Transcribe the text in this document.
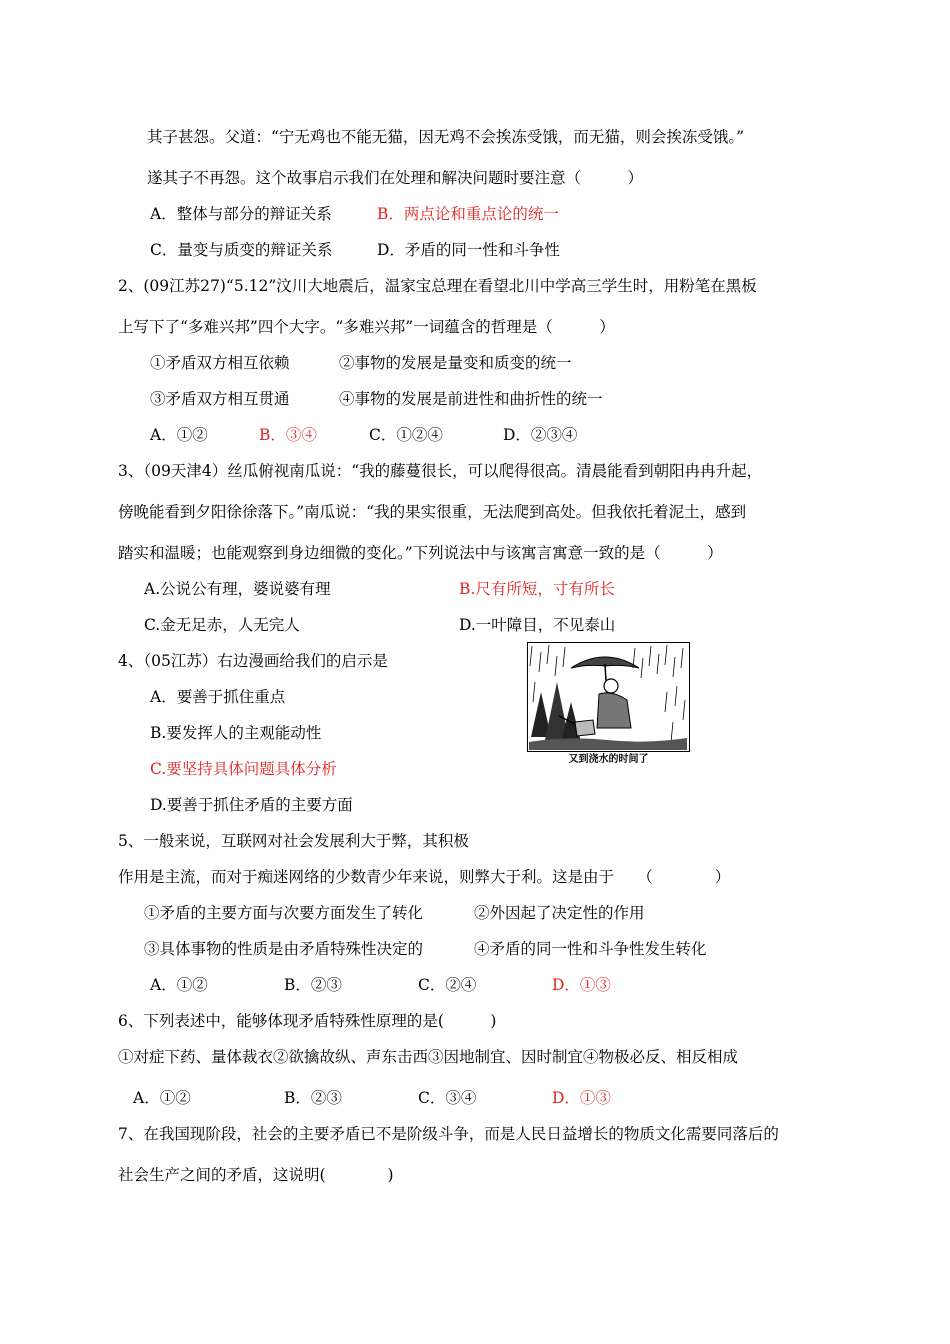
其子甚怨。父道：“宁无鸡也不能无猫，因无鸡不会挨冻受饿，而无猫，则会挨冻受饿。”
遂其子不再怨。这个故事启示我们在处理和解决问题时要注意（　　　）
A．整体与部分的辩证关系	B．两点论和重点论的统一
C．量变与质变的辩证关系	D．矛盾的同一性和斗争性
2、(09江苏27)“5.12”汶川大地震后，温家宝总理在看望北川中学高三学生时，用粉笔在黑板
上写下了“多难兴邦”四个大字。“多难兴邦”一词蕴含的哲理是（　　　）
①矛盾双方相互依赖	②事物的发展是量变和质变的统一
③矛盾双方相互贯通	④事物的发展是前进性和曲折性的统一
A．①②	B．③④	C．①②④	D．②③④
3、（09天津4）丝瓜俯视南瓜说：“我的藤蔓很长，可以爬得很高。清晨能看到朝阳冉冉升起，
傍晚能看到夕阳徐徐落下。”南瓜说：“我的果实很重，无法爬到高处。但我依托着泥土，感到
踏实和温暖；也能观察到身边细微的变化。”下列说法中与该寓言寓意一致的是（　　　）
A.公说公有理，婆说婆有理	B.尺有所短，寸有所长
C.金无足赤，人无完人	D.一叶障目，不见泰山
4、（05江苏）右边漫画给我们的启示是
A．要善于抓住重点
B.要发挥人的主观能动性
C.要坚持具体问题具体分析
D.要善于抓住矛盾的主要方面
又到浇水的时间了
5、一般来说，互联网对社会发展利大于弊，其积极
作用是主流，而对于痴迷网络的少数青少年来说，则弊大于利。这是由于　　（　　　　）
①矛盾的主要方面与次要方面发生了转化	②外因起了决定性的作用
③具体事物的性质是由矛盾特殊性决定的	④矛盾的同一性和斗争性发生转化
A．①②	B．②③	C．②④	D．①③
6、下列表述中，能够体现矛盾特殊性原理的是(　　　)
①对症下药、量体裁衣②欲擒故纵、声东击西③因地制宜、因时制宜④物极必反、相反相成
A．①②	B．②③	C．③④	D．①③
7、在我国现阶段，社会的主要矛盾已不是阶级斗争，而是人民日益增长的物质文化需要同落后的
社会生产之间的矛盾，这说明(　　　　)
